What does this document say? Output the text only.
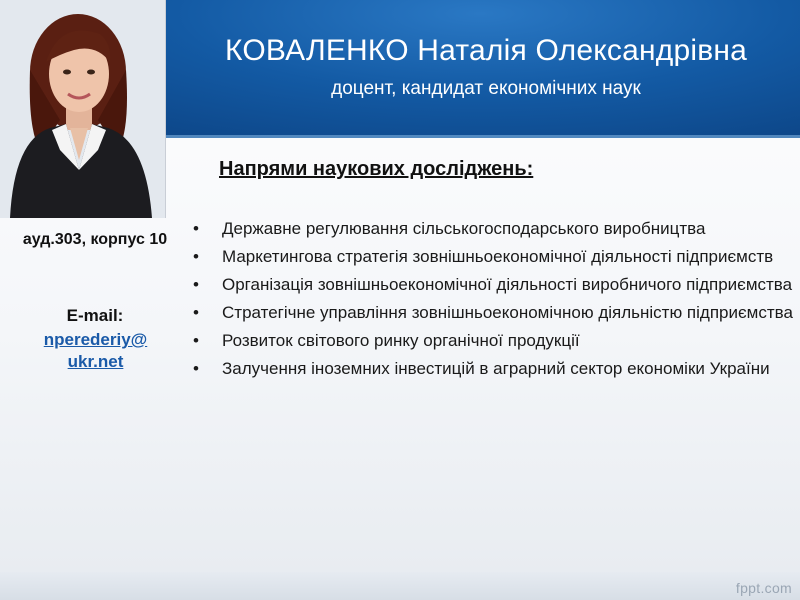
КОВАЛЕНКО Наталія Олександрівна
доцент, кандидат економічних наук
ауд.303, корпус 10
E-mail:
nperederiy@
ukr.net
Напрями наукових досліджень:
• Державне регулювання сільськогосподарського виробництва
• Маркетингова стратегія зовнішньоекономічної діяльності підприємств
• Організація зовнішньоекономічної діяльності виробничого підприємства
• Стратегічне управління зовнішньоекономічною діяльністю підприємства
• Розвиток світового ринку органічної продукції
• Залучення іноземних інвестицій в аграрний сектор економіки України
fppt.com
